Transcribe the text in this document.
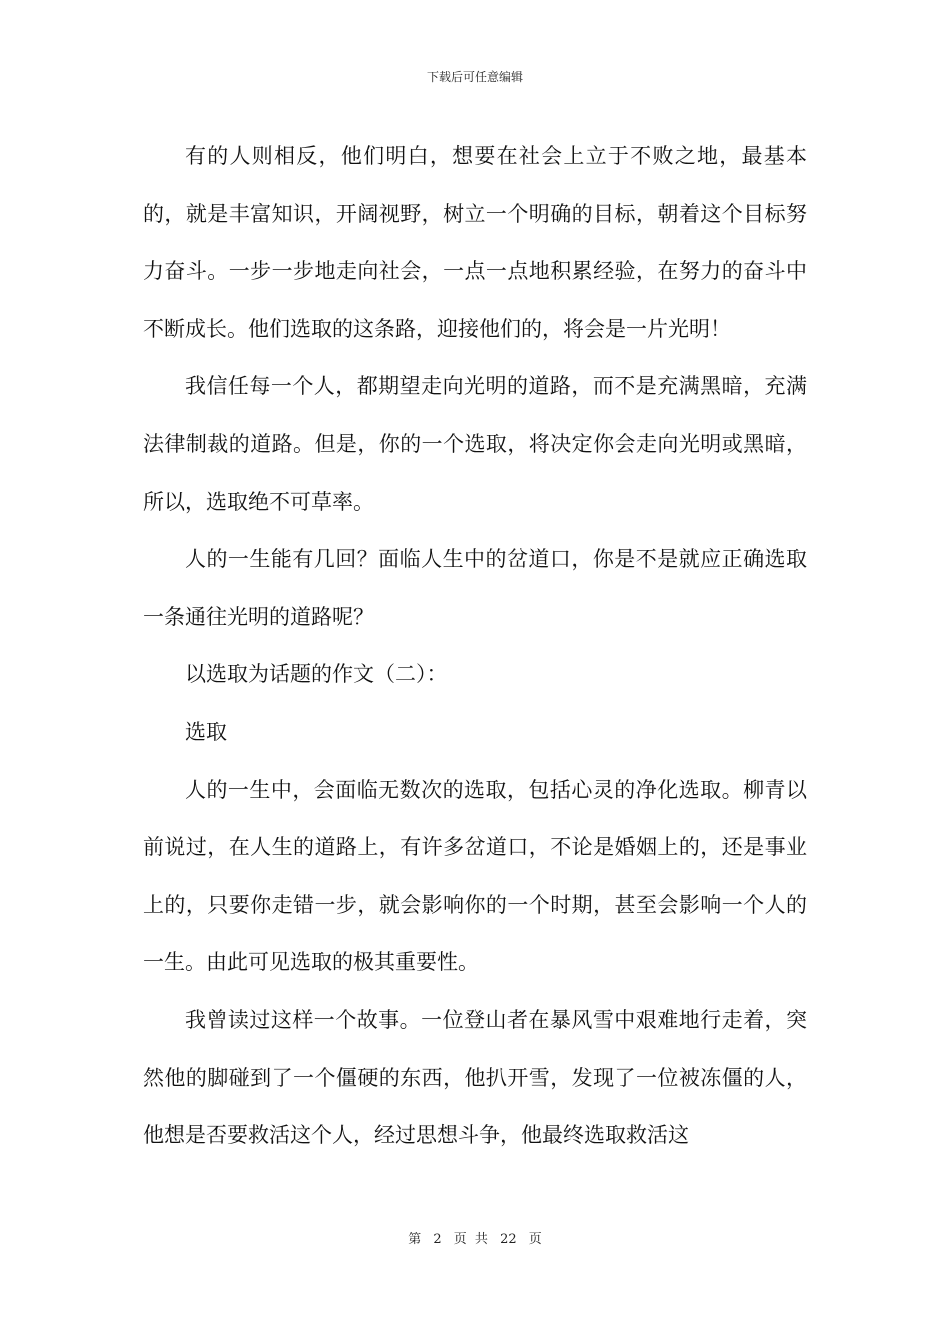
下载后可任意编辑

有的人则相反，他们明白，想要在社会上立于不败之地，最基本的，就是丰富知识，开阔视野，树立一个明确的目标，朝着这个目标努力奋斗。一步一步地走向社会，一点一点地积累经验，在努力的奋斗中不断成长。他们选取的这条路，迎接他们的，将会是一片光明！

我信任每一个人，都期望走向光明的道路，而不是充满黑暗，充满法律制裁的道路。但是，你的一个选取，将决定你会走向光明或黑暗，所以，选取绝不可草率。

人的一生能有几回？面临人生中的岔道口，你是不是就应正确选取一条通往光明的道路呢？

以选取为话题的作文（二）：

选取

人的一生中，会面临无数次的选取，包括心灵的净化选取。柳青以前说过，在人生的道路上，有许多岔道口，不论是婚姻上的，还是事业上的，只要你走错一步，就会影响你的一个时期，甚至会影响一个人的一生。由此可见选取的极其重要性。

我曾读过这样一个故事。一位登山者在暴风雪中艰难地行走着，突然他的脚碰到了一个僵硬的东西，他扒开雪，发现了一位被冻僵的人，他想是否要救活这个人，经过思想斗争，他最终选取救活这

第 2 页 共 22 页
